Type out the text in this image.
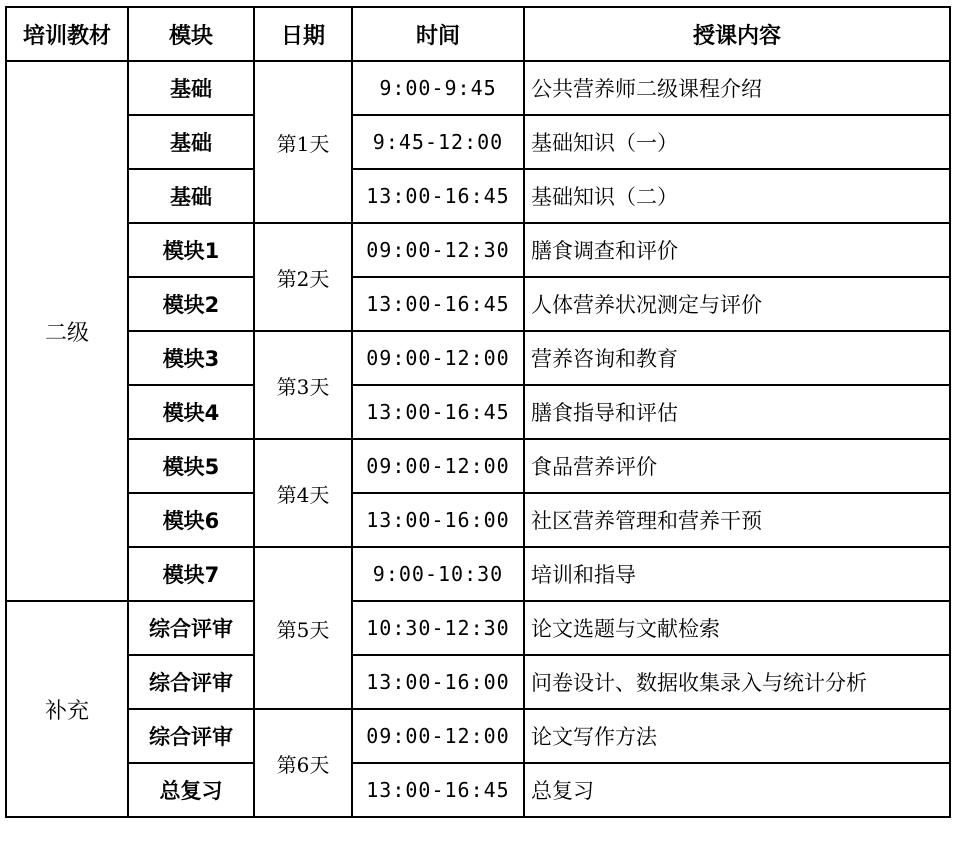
培训教材	模块	日期	时间	授课内容
二级	基础	第1天	9:00-9:45	公共营养师二级课程介绍
	基础		9:45-12:00	基础知识（一）
	基础		13:00-16:45	基础知识（二）
	模块1	第2天	09:00-12:30	膳食调查和评价
	模块2		13:00-16:45	人体营养状况测定与评价
	模块3	第3天	09:00-12:00	营养咨询和教育
	模块4		13:00-16:45	膳食指导和评估
	模块5	第4天	09:00-12:00	食品营养评价
	模块6		13:00-16:00	社区营养管理和营养干预
	模块7	第5天	9:00-10:30	培训和指导
补充	综合评审		10:30-12:30	论文选题与文献检索
	综合评审		13:00-16:00	问卷设计、数据收集录入与统计分析
	综合评审	第6天	09:00-12:00	论文写作方法
	总复习		13:00-16:45	总复习
